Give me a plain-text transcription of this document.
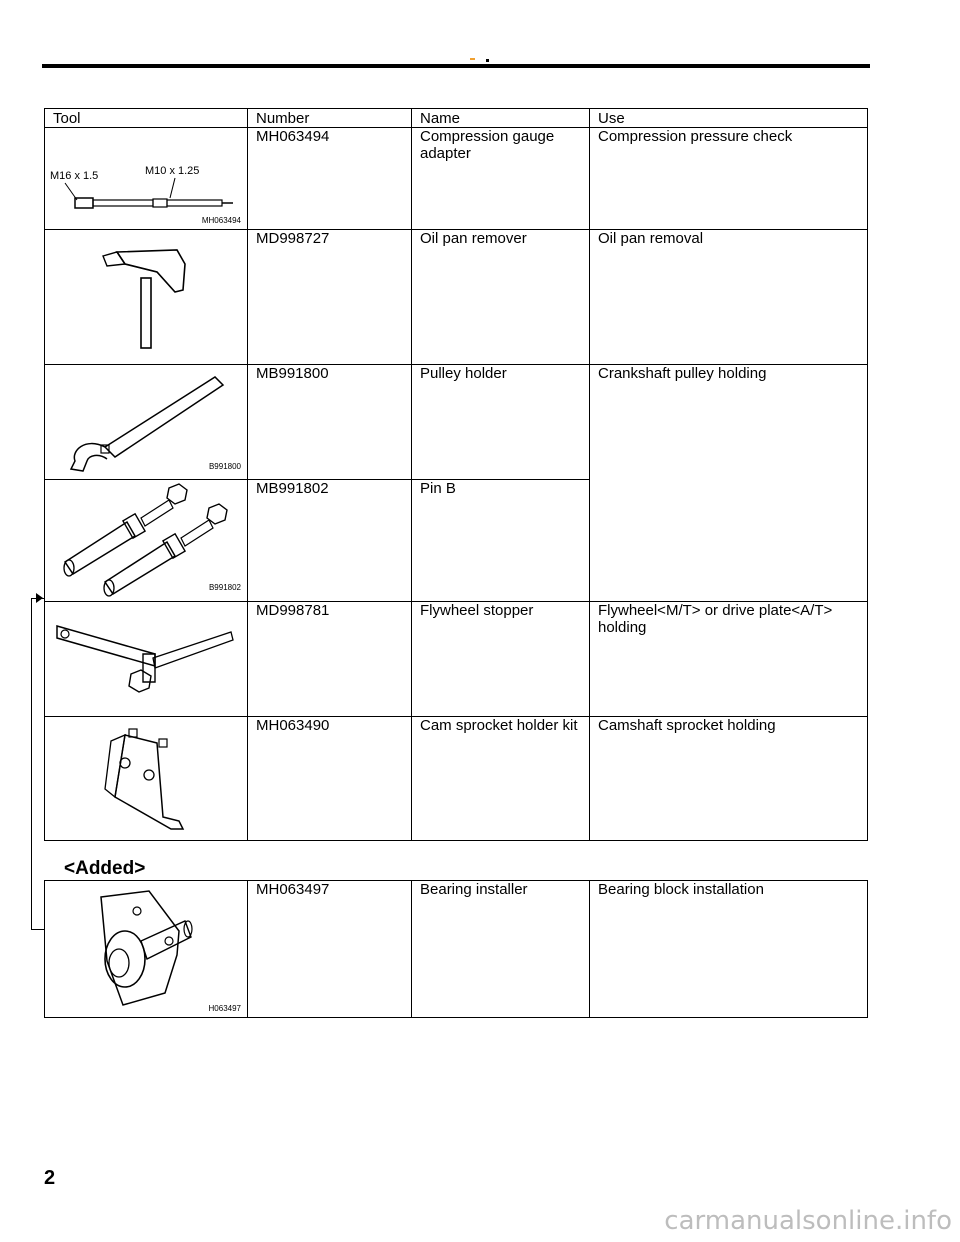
Tool	Number	Name	Use

M16 x 1.5 M10 x 1.25
MH063494	MH063494	Compression gauge adapter	Compression pressure check

	MD998727	Oil pan remover	Oil pan removal

B991800	MB991800	Pulley holder	Crankshaft pulley holding

B991802	MB991802	Pin B	

	MD998781	Flywheel stopper	Flywheel<M/T> or drive plate<A/T> holding

	MH063490	Cam sprocket holder kit	Camshaft sprocket holding
<Added>
H063497
	MH063497	Bearing installer	Bearing block installation
2
carmanualsonline.info
